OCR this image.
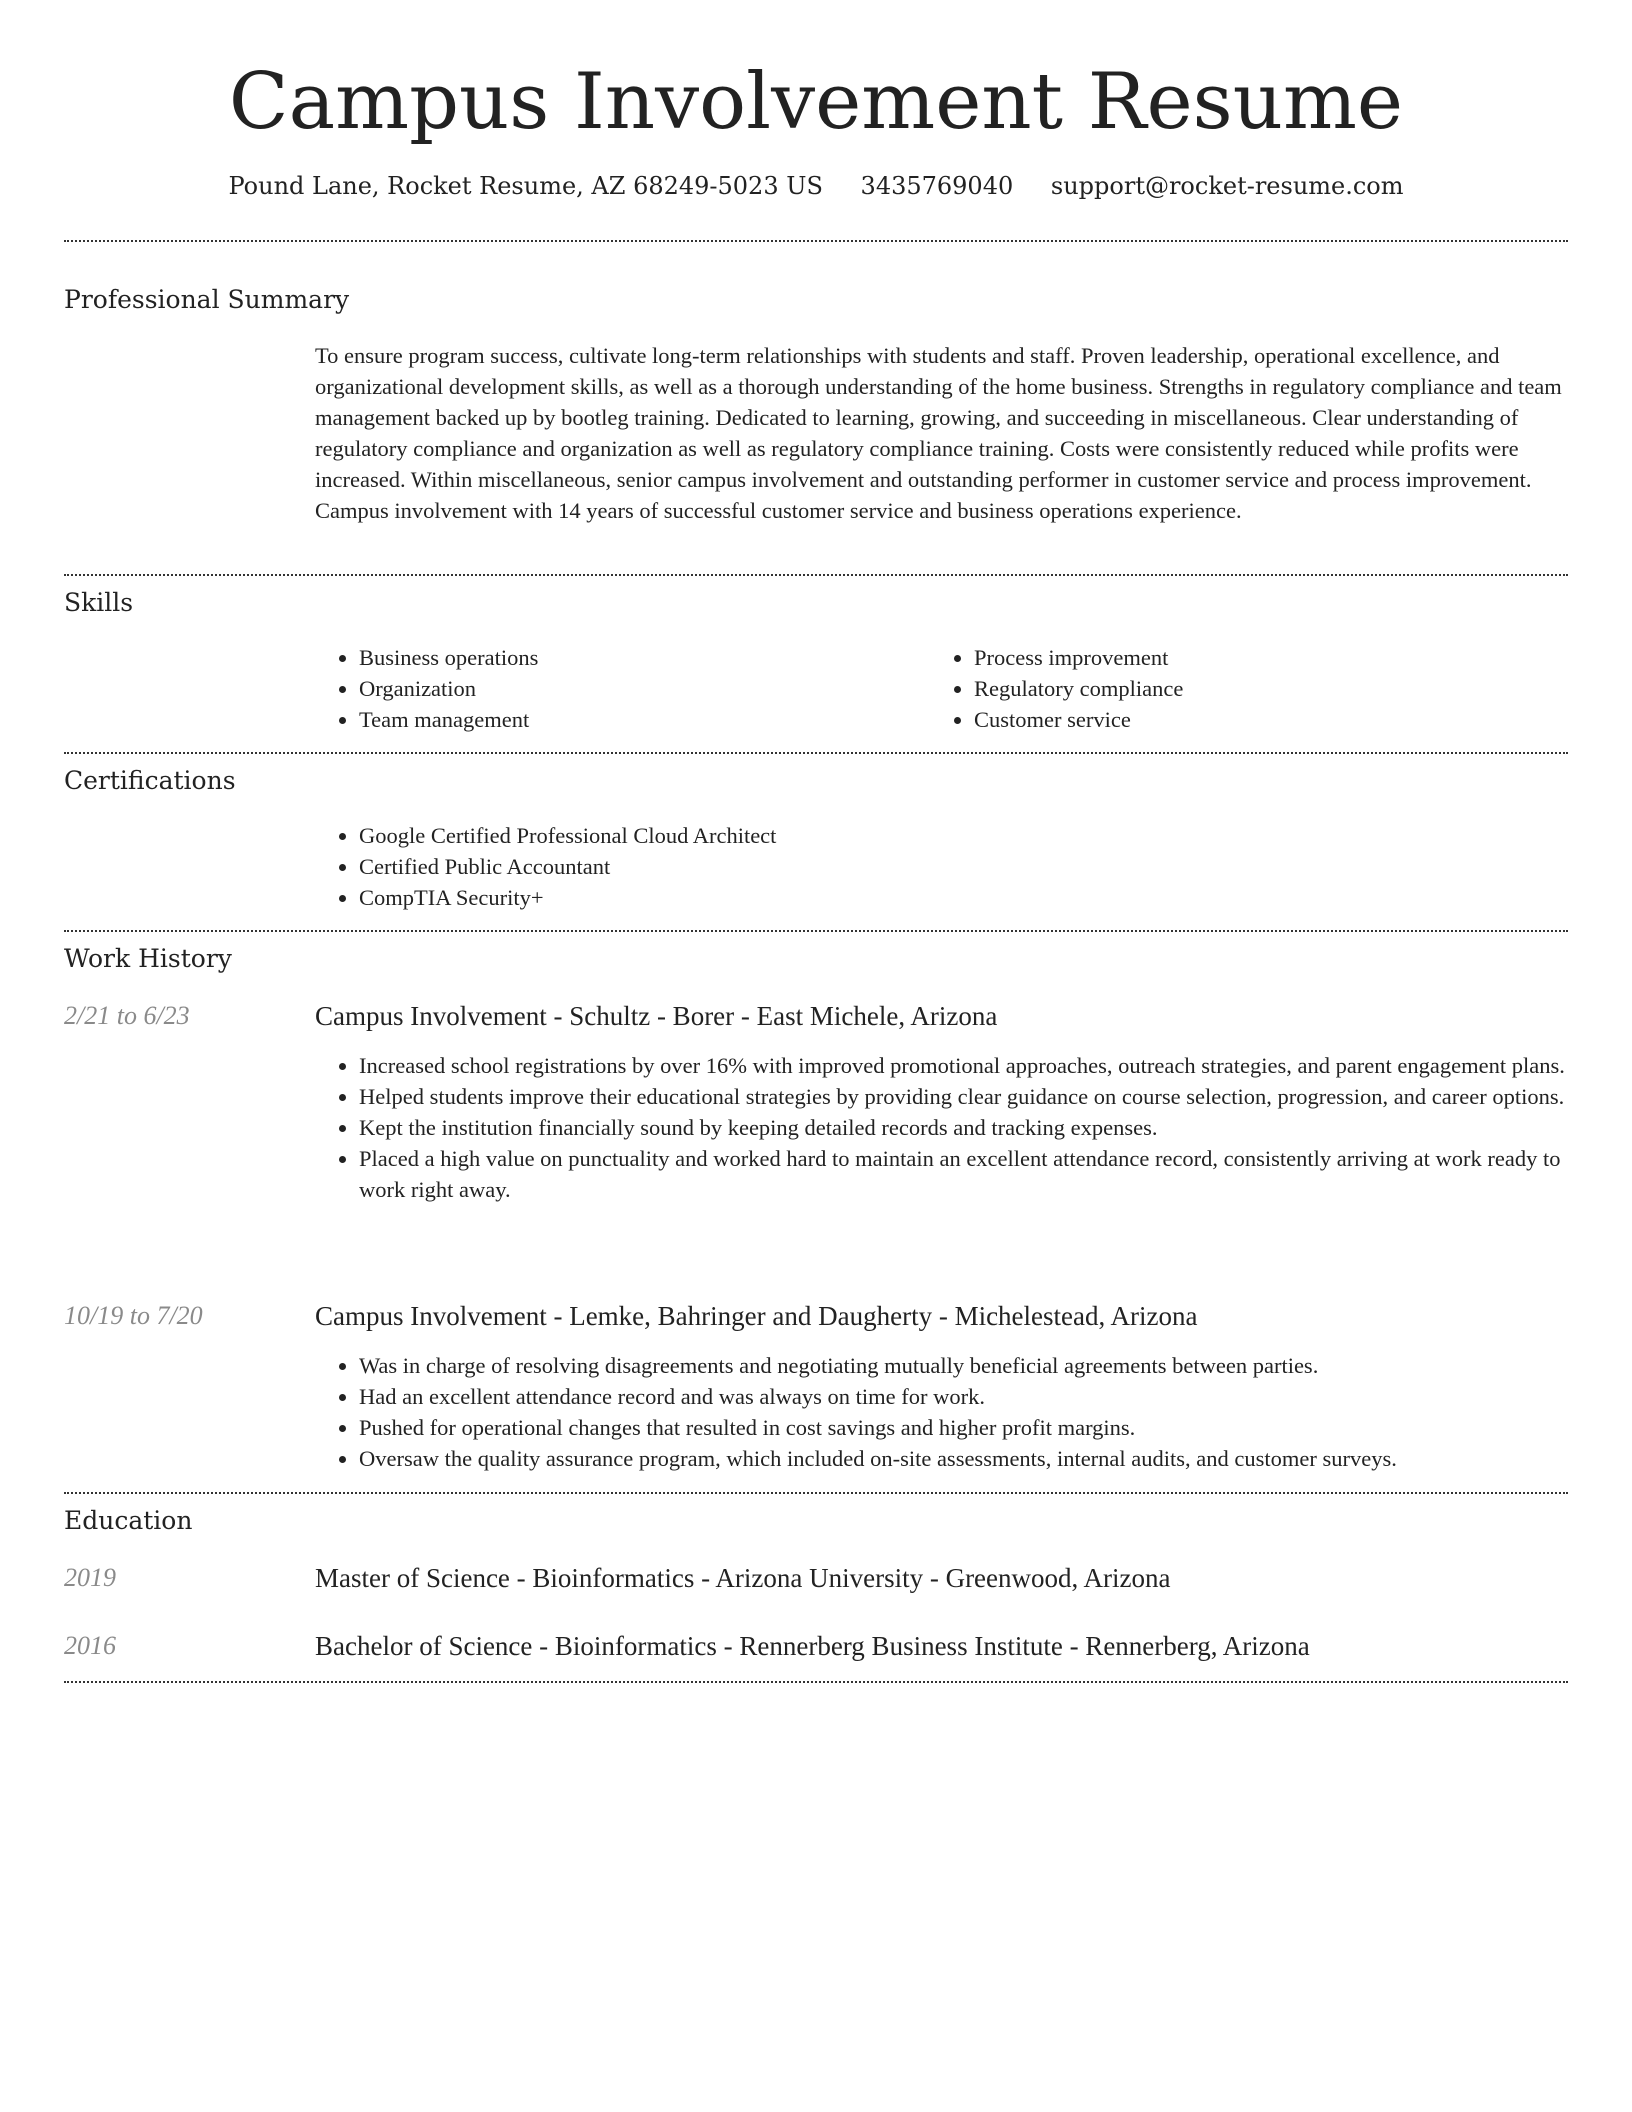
Campus Involvement Resume
Pound Lane, Rocket Resume, AZ 68249-5023 US 3435769040 support@rocket-resume.com
Professional Summary

To ensure program success, cultivate long-term relationships with students and staff. Proven leadership, operational excellence, and organizational development skills, as well as a thorough understanding of the home business. Strengths in regulatory compliance and team management backed up by bootleg training. Dedicated to learning, growing, and succeeding in miscellaneous. Clear understanding of regulatory compliance and organization as well as regulatory compliance training. Costs were consistently reduced while profits were increased. Within miscellaneous, senior campus involvement and outstanding performer in customer service and process improvement. Campus involvement with 14 years of successful customer service and business operations experience.

Skills
• Business operations
• Organization
• Team management
• Process improvement
• Regulatory compliance
• Customer service
Certifications
• Google Certified Professional Cloud Architect
• Certified Public Accountant
• CompTIA Security+
Work History
2/21 to 6/23	Campus Involvement - Schultz - Borer - East Michele, Arizona
• Increased school registrations by over 16% with improved promotional approaches, outreach strategies, and parent engagement plans.
• Helped students improve their educational strategies by providing clear guidance on course selection, progression, and career options.
• Kept the institution financially sound by keeping detailed records and tracking expenses.
• Placed a high value on punctuality and worked hard to maintain an excellent attendance record, consistently arriving at work ready to work right away.
10/19 to 7/20	Campus Involvement - Lemke, Bahringer and Daugherty - Michelestead, Arizona
• Was in charge of resolving disagreements and negotiating mutually beneficial agreements between parties.
• Had an excellent attendance record and was always on time for work.
• Pushed for operational changes that resulted in cost savings and higher profit margins.
• Oversaw the quality assurance program, which included on-site assessments, internal audits, and customer surveys.
Education
2019	Master of Science - Bioinformatics - Arizona University - Greenwood, Arizona
2016	Bachelor of Science - Bioinformatics - Rennerberg Business Institute - Rennerberg, Arizona
